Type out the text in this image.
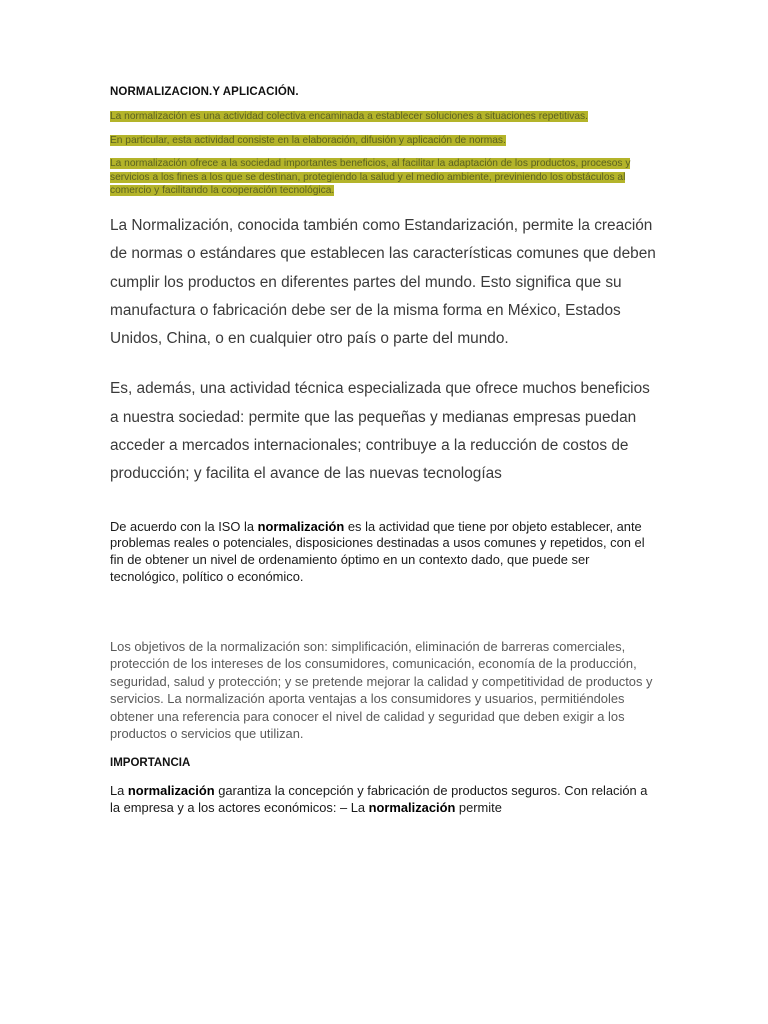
NORMALIZACION.Y APLICACIÓN.

La normalización es una actividad colectiva encaminada a establecer soluciones a situaciones repetitivas.

En particular, esta actividad consiste en la elaboración, difusión y aplicación de normas.

La normalización ofrece a la sociedad importantes beneficios, al facilitar la adaptación de los productos, procesos y servicios a los fines a los que se destinan, protegiendo la salud y el medio ambiente, previniendo los obstáculos al comercio y facilitando la cooperación tecnológica.

La Normalización, conocida también como Estandarización, permite la creación de normas o estándares que establecen las características comunes que deben cumplir los productos en diferentes partes del mundo. Esto significa que su manufactura o fabricación debe ser de la misma forma en México, Estados Unidos, China, o en cualquier otro país o parte del mundo.

Es, además, una actividad técnica especializada que ofrece muchos beneficios a nuestra sociedad: permite que las pequeñas y medianas empresas puedan acceder a mercados internacionales; contribuye a la reducción de costos de producción; y facilita el avance de las nuevas tecnologías

De acuerdo con la ISO la normalización es la actividad que tiene por objeto establecer, ante problemas reales o potenciales, disposiciones destinadas a usos comunes y repetidos, con el fin de obtener un nivel de ordenamiento óptimo en un contexto dado, que puede ser tecnológico, político o económico.

Los objetivos de la normalización son: simplificación, eliminación de barreras comerciales, protección de los intereses de los consumidores, comunicación, economía de la producción, seguridad, salud y protección; y se pretende mejorar la calidad y competitividad de productos y servicios. La normalización aporta ventajas a los consumidores y usuarios, permitiéndoles obtener una referencia para conocer el nivel de calidad y seguridad que deben exigir a los productos o servicios que utilizan.

IMPORTANCIA

La normalización garantiza la concepción y fabricación de productos seguros. Con relación a la empresa y a los actores económicos: – La normalización permite
